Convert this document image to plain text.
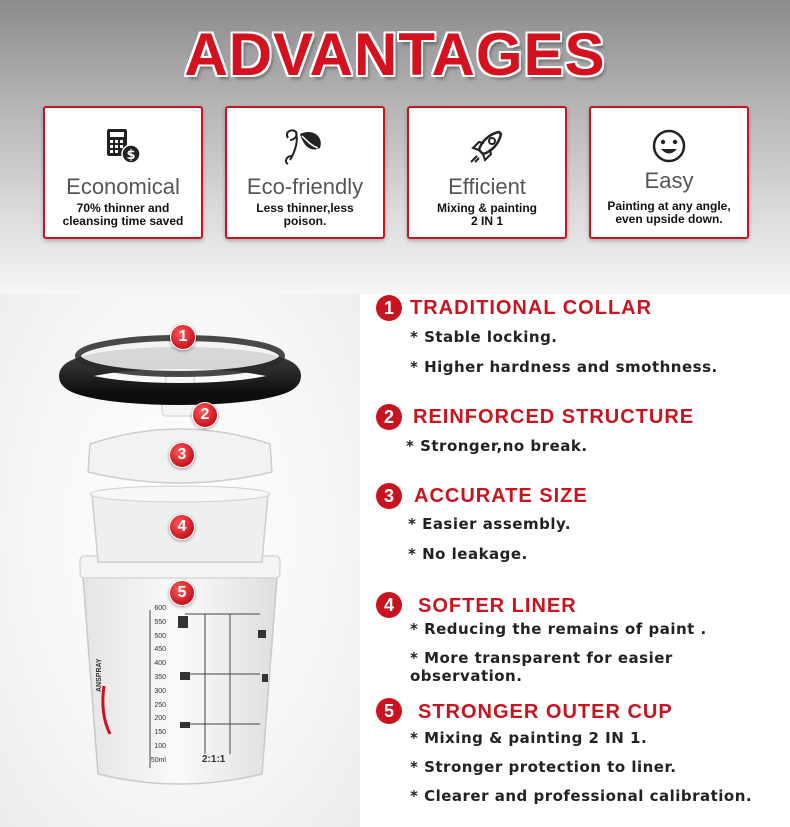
ADVANTAGES
$
Economical
70% thinner and
cleansing time saved
Eco-friendly
Less thinner,less
poison.
Efficient
Mixing & painting
2 IN 1
Easy
Painting at any angle,
even upside down.
600
550
500
450
400
350
300
250
200
150
100
50ml	2:1:1
ANSPRAY
1
2
3
4
5
1 TRADITIONAL COLLAR
* Stable locking.
* Higher hardness and smothness.
2 REINFORCED STRUCTURE
* Stronger,no break.
3	ACCURATE SIZE
* Easier assembly.
* No leakage.
4	SOFTER LINER
* Reducing the remains of paint .
* More transparent for easier observation.
5	STRONGER OUTER CUP
* Mixing & painting 2 IN 1.
* Stronger protection to liner.
* Clearer and professional calibration.
